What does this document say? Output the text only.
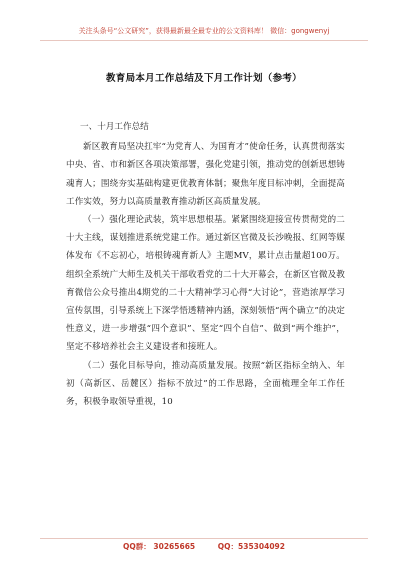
关注头条号“公文研究”，获得最新最全最专业的公文资料库！ 微信：gongwenyj
教育局本月工作总结及下月工作计划（参考）

一、十月工作总结

新区教育局坚决扛牢“为党育人、为国育才”使命任务，认真贯彻落实中央、省、市和新区各项决策部署，强化党建引领，推动党的创新思想铸魂育人；围绕夯实基础构建更优教育体制；聚焦年度目标冲刺，全面提高工作实效，努力以高质量教育推动新区高质量发展。

（一）强化理论武装，筑牢思想根基。紧紧围绕迎接宣传贯彻党的二十大主线，谋划推进系统党建工作。通过新区官微及长沙晚报、红网等媒体发布《不忘初心，培根铸魂育新人》主题MV，累计点击量超100万。组织全系统广大师生及机关干部收看党的二十大开幕会，在新区官微及教育微信公众号推出4期党的二十大精神学习心得“大讨论”，营造浓厚学习宣传氛围，引导系统上下深学悟透精神内涵，深刻领悟“两个确立”的决定性意义，进一步增强“四个意识”、坚定“四个自信”、做到“两个维护”，坚定不移培养社会主义建设者和接班人。

（二）强化目标导向，推动高质量发展。按照“新区指标全纳入、年初（高新区、岳麓区）指标不放过”的工作思路，全面梳理全年工作任务，积极争取领导重视，10

QQ群： 30265665	QQ：535304092
